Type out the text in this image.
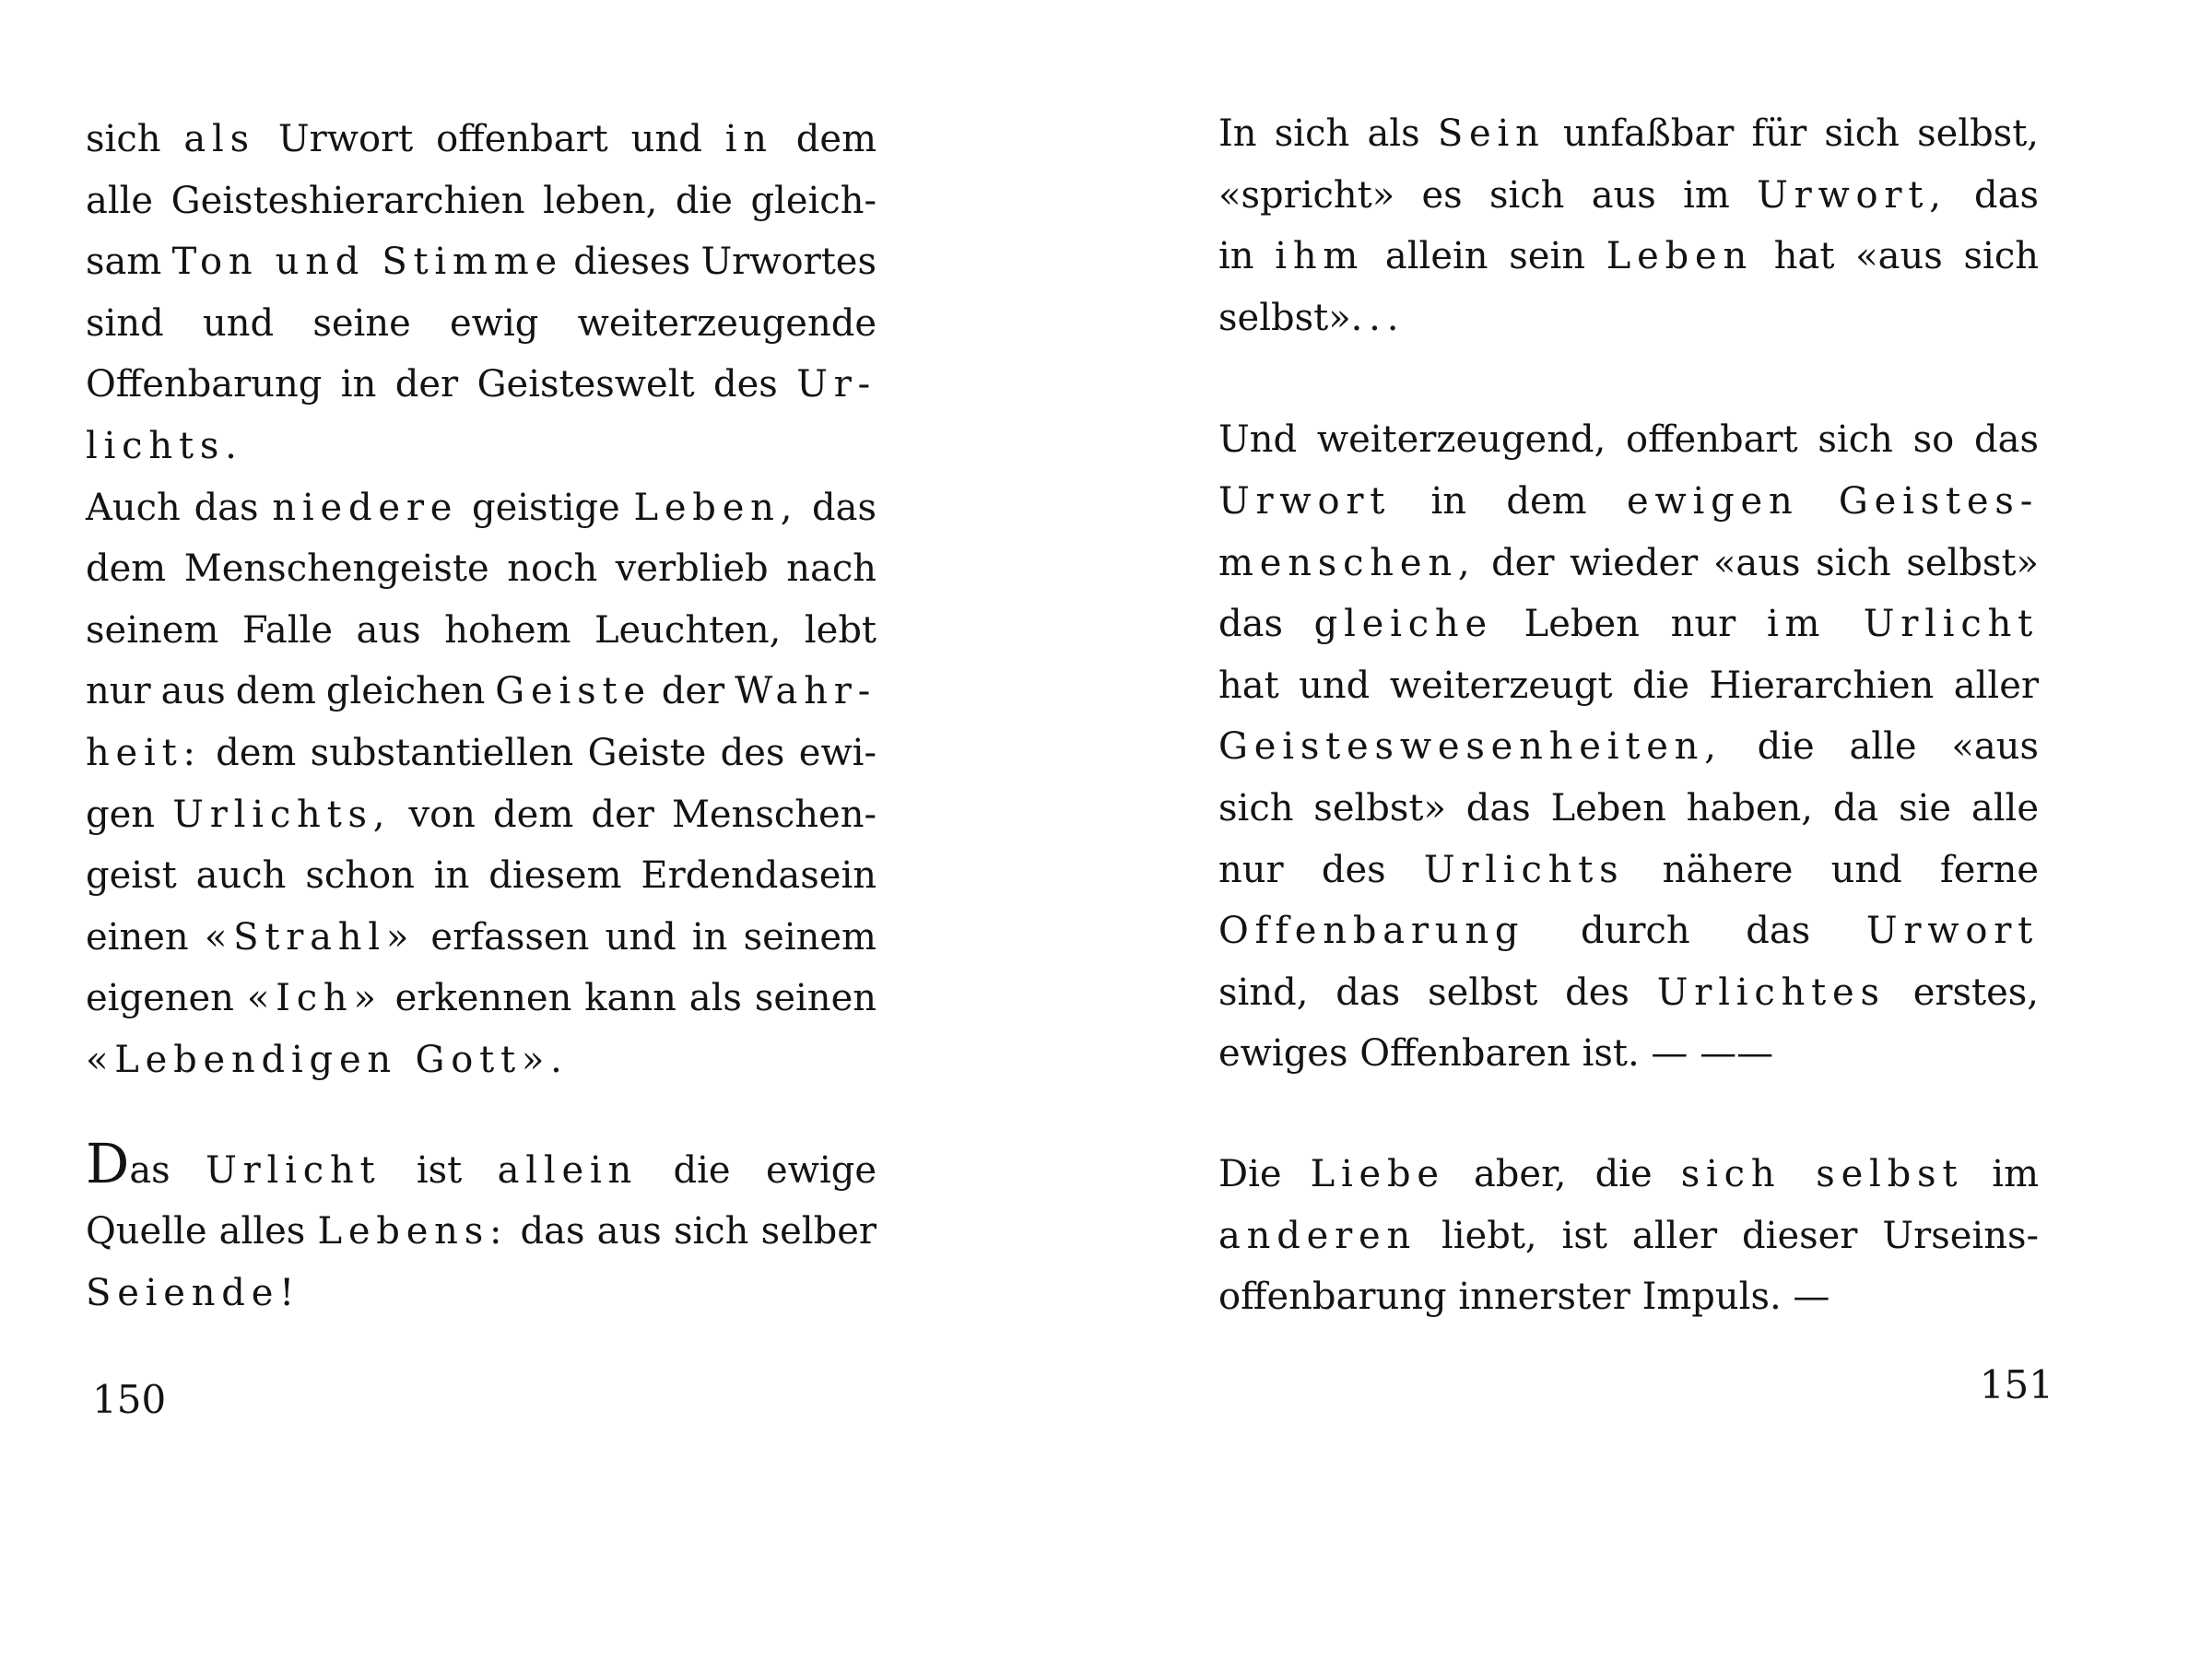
sich als Urwort offenbart und in dem
alle Geisteshierarchien leben, die gleich-
sam Ton und Stimme dieses Urwortes
sind und seine ewig weiterzeugende
Offenbarung in der Geisteswelt des Ur-
lichts.
Auch das niedere geistige Leben, das
dem Menschengeiste noch verblieb nach
seinem Falle aus hohem Leuchten, lebt
nur aus dem gleichen Geiste der Wahr-
heit: dem substantiellen Geiste des ewi-
gen Urlichts, von dem der Menschen-
geist auch schon in diesem Erdendasein
einen «Strahl» erfassen und in seinem
eigenen «Ich» erkennen kann als seinen
«Lebendigen Gott».
Das Urlicht ist allein die ewige
Quelle alles Lebens: das aus sich selber
Seiende!
150
In sich als Sein unfaßbar für sich selbst,
«spricht» es sich aus im Urwort, das
in ihm allein sein Leben hat «aus sich
selbst»...
Und weiterzeugend, offenbart sich so das
Urwort in dem ewigen Geistes-
menschen, der wieder «aus sich selbst»
das gleiche Leben nur im Urlicht
hat und weiterzeugt die Hierarchien aller
Geisteswesenheiten, die alle «aus
sich selbst» das Leben haben, da sie alle
nur des Urlichts nähere und ferne
Offenbarung durch das Urwort
sind, das selbst des Urlichtes erstes,
ewiges Offenbaren ist. — ——
Die Liebe aber, die sich selbst im
anderen liebt, ist aller dieser Urseins-
offenbarung innerster Impuls. —
151
